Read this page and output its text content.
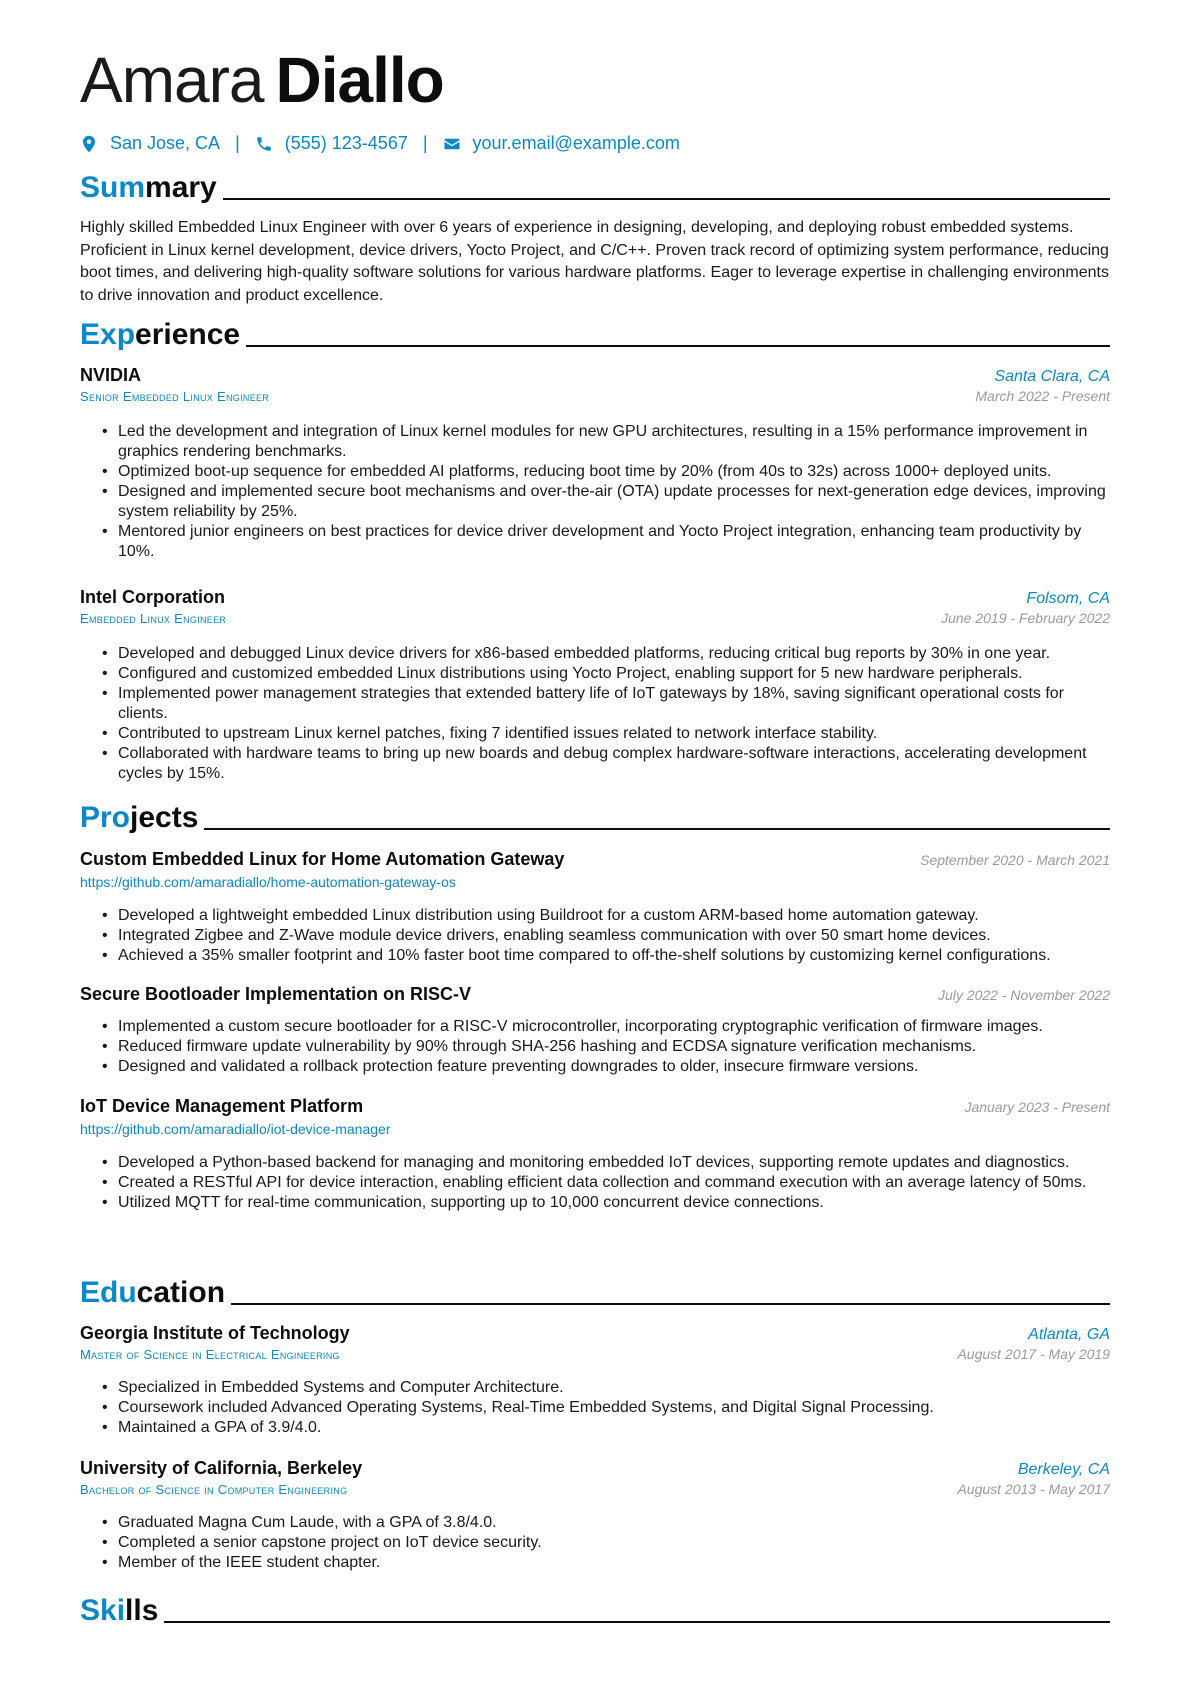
Amara Diallo
San Jose, CA |	(555) 123-4567 |	your.email@example.com
Summary
Highly skilled Embedded Linux Engineer with over 6 years of experience in designing, developing, and deploying robust embedded systems. Proficient in Linux kernel development, device drivers, Yocto Project, and C/C++. Proven track record of optimizing system performance, reducing boot times, and delivering high-quality software solutions for various hardware platforms. Eager to leverage expertise in challenging environments to drive innovation and product excellence.
Experience
NVIDIA	Santa Clara, CA
Senior Embedded Linux Engineer	March 2022 - Present
• Led the development and integration of Linux kernel modules for new GPU architectures, resulting in a 15% performance improvement in graphics rendering benchmarks.
• Optimized boot-up sequence for embedded AI platforms, reducing boot time by 20% (from 40s to 32s) across 1000+ deployed units.
• Designed and implemented secure boot mechanisms and over-the-air (OTA) update processes for next-generation edge devices, improving system reliability by 25%.
• Mentored junior engineers on best practices for device driver development and Yocto Project integration, enhancing team productivity by 10%.
Intel Corporation	Folsom, CA
Embedded Linux Engineer	June 2019 - February 2022
• Developed and debugged Linux device drivers for x86-based embedded platforms, reducing critical bug reports by 30% in one year.
• Configured and customized embedded Linux distributions using Yocto Project, enabling support for 5 new hardware peripherals.
• Implemented power management strategies that extended battery life of IoT gateways by 18%, saving significant operational costs for clients.
• Contributed to upstream Linux kernel patches, fixing 7 identified issues related to network interface stability.
• Collaborated with hardware teams to bring up new boards and debug complex hardware-software interactions, accelerating development cycles by 15%.
Projects
Custom Embedded Linux for Home Automation Gateway	September 2020 - March 2021
https://github.com/amaradiallo/home-automation-gateway-os
• Developed a lightweight embedded Linux distribution using Buildroot for a custom ARM-based home automation gateway.
• Integrated Zigbee and Z-Wave module device drivers, enabling seamless communication with over 50 smart home devices.
• Achieved a 35% smaller footprint and 10% faster boot time compared to off-the-shelf solutions by customizing kernel configurations.
Secure Bootloader Implementation on RISC-V	July 2022 - November 2022
• Implemented a custom secure bootloader for a RISC-V microcontroller, incorporating cryptographic verification of firmware images.
• Reduced firmware update vulnerability by 90% through SHA-256 hashing and ECDSA signature verification mechanisms.
• Designed and validated a rollback protection feature preventing downgrades to older, insecure firmware versions.
IoT Device Management Platform	January 2023 - Present
https://github.com/amaradiallo/iot-device-manager
• Developed a Python-based backend for managing and monitoring embedded IoT devices, supporting remote updates and diagnostics.
• Created a RESTful API for device interaction, enabling efficient data collection and command execution with an average latency of 50ms.
• Utilized MQTT for real-time communication, supporting up to 10,000 concurrent device connections.
Education
Georgia Institute of Technology	Atlanta, GA
Master of Science in Electrical Engineering	August 2017 - May 2019
• Specialized in Embedded Systems and Computer Architecture.
• Coursework included Advanced Operating Systems, Real-Time Embedded Systems, and Digital Signal Processing.
• Maintained a GPA of 3.9/4.0.
University of California, Berkeley	Berkeley, CA
Bachelor of Science in Computer Engineering	August 2013 - May 2017
• Graduated Magna Cum Laude, with a GPA of 3.8/4.0.
• Completed a senior capstone project on IoT device security.
• Member of the IEEE student chapter.
Skills
